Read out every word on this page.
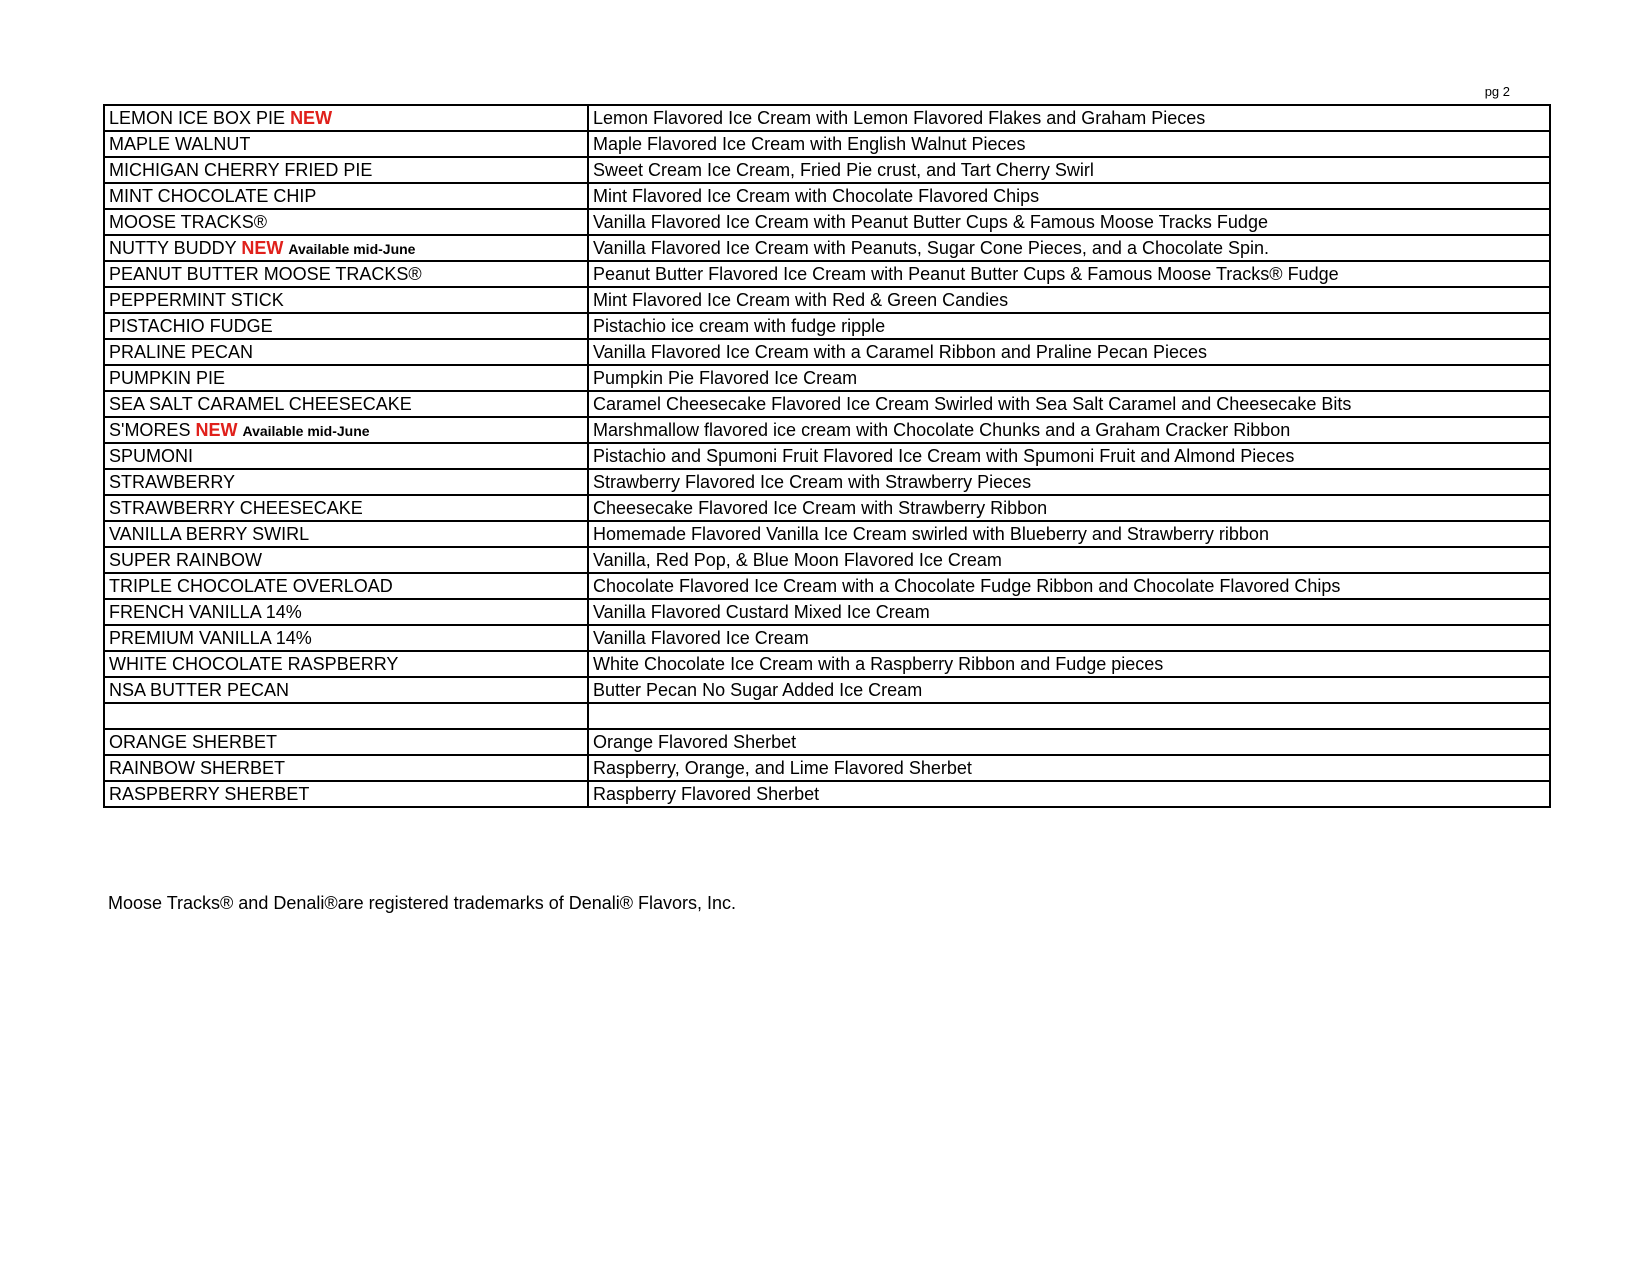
pg 2
LEMON ICE BOX PIE NEW	Lemon Flavored Ice Cream with Lemon Flavored Flakes and Graham Pieces
MAPLE WALNUT	Maple Flavored Ice Cream with English Walnut Pieces
MICHIGAN CHERRY FRIED PIE	Sweet Cream Ice Cream, Fried Pie crust, and Tart Cherry Swirl
MINT CHOCOLATE CHIP	Mint Flavored Ice Cream with Chocolate Flavored Chips
MOOSE TRACKS®	Vanilla Flavored Ice Cream with Peanut Butter Cups & Famous Moose Tracks Fudge
NUTTY BUDDY NEW Available mid-June	Vanilla Flavored Ice Cream with Peanuts, Sugar Cone Pieces, and a Chocolate Spin.
PEANUT BUTTER MOOSE TRACKS®	Peanut Butter Flavored Ice Cream with Peanut Butter Cups & Famous Moose Tracks® Fudge
PEPPERMINT STICK	Mint Flavored Ice Cream with Red & Green Candies
PISTACHIO FUDGE	Pistachio ice cream with fudge ripple
PRALINE PECAN	Vanilla Flavored Ice Cream with a Caramel Ribbon and Praline Pecan Pieces
PUMPKIN PIE	Pumpkin Pie Flavored Ice Cream
SEA SALT CARAMEL CHEESECAKE	Caramel Cheesecake Flavored Ice Cream Swirled with Sea Salt Caramel and Cheesecake Bits
S'MORES NEW Available mid-June	Marshmallow flavored ice cream with Chocolate Chunks and a Graham Cracker Ribbon
SPUMONI	Pistachio and Spumoni Fruit Flavored Ice Cream with Spumoni Fruit and Almond Pieces
STRAWBERRY	Strawberry Flavored Ice Cream with Strawberry Pieces
STRAWBERRY CHEESECAKE	Cheesecake Flavored Ice Cream with Strawberry Ribbon
VANILLA BERRY SWIRL	Homemade Flavored Vanilla Ice Cream swirled with Blueberry and Strawberry ribbon
SUPER RAINBOW	Vanilla, Red Pop, & Blue Moon Flavored Ice Cream
TRIPLE CHOCOLATE OVERLOAD	Chocolate Flavored Ice Cream with a Chocolate Fudge Ribbon and Chocolate Flavored Chips
FRENCH VANILLA 14%	Vanilla Flavored Custard Mixed Ice Cream
PREMIUM VANILLA 14%	Vanilla Flavored Ice Cream
WHITE CHOCOLATE RASPBERRY	White Chocolate Ice Cream with a Raspberry Ribbon and Fudge pieces
NSA BUTTER PECAN	Butter Pecan No Sugar Added Ice Cream

ORANGE SHERBET	Orange Flavored Sherbet
RAINBOW SHERBET	Raspberry, Orange, and Lime Flavored Sherbet
RASPBERRY SHERBET	Raspberry Flavored Sherbet
Moose Tracks® and Denali®are registered trademarks of Denali® Flavors, Inc.
